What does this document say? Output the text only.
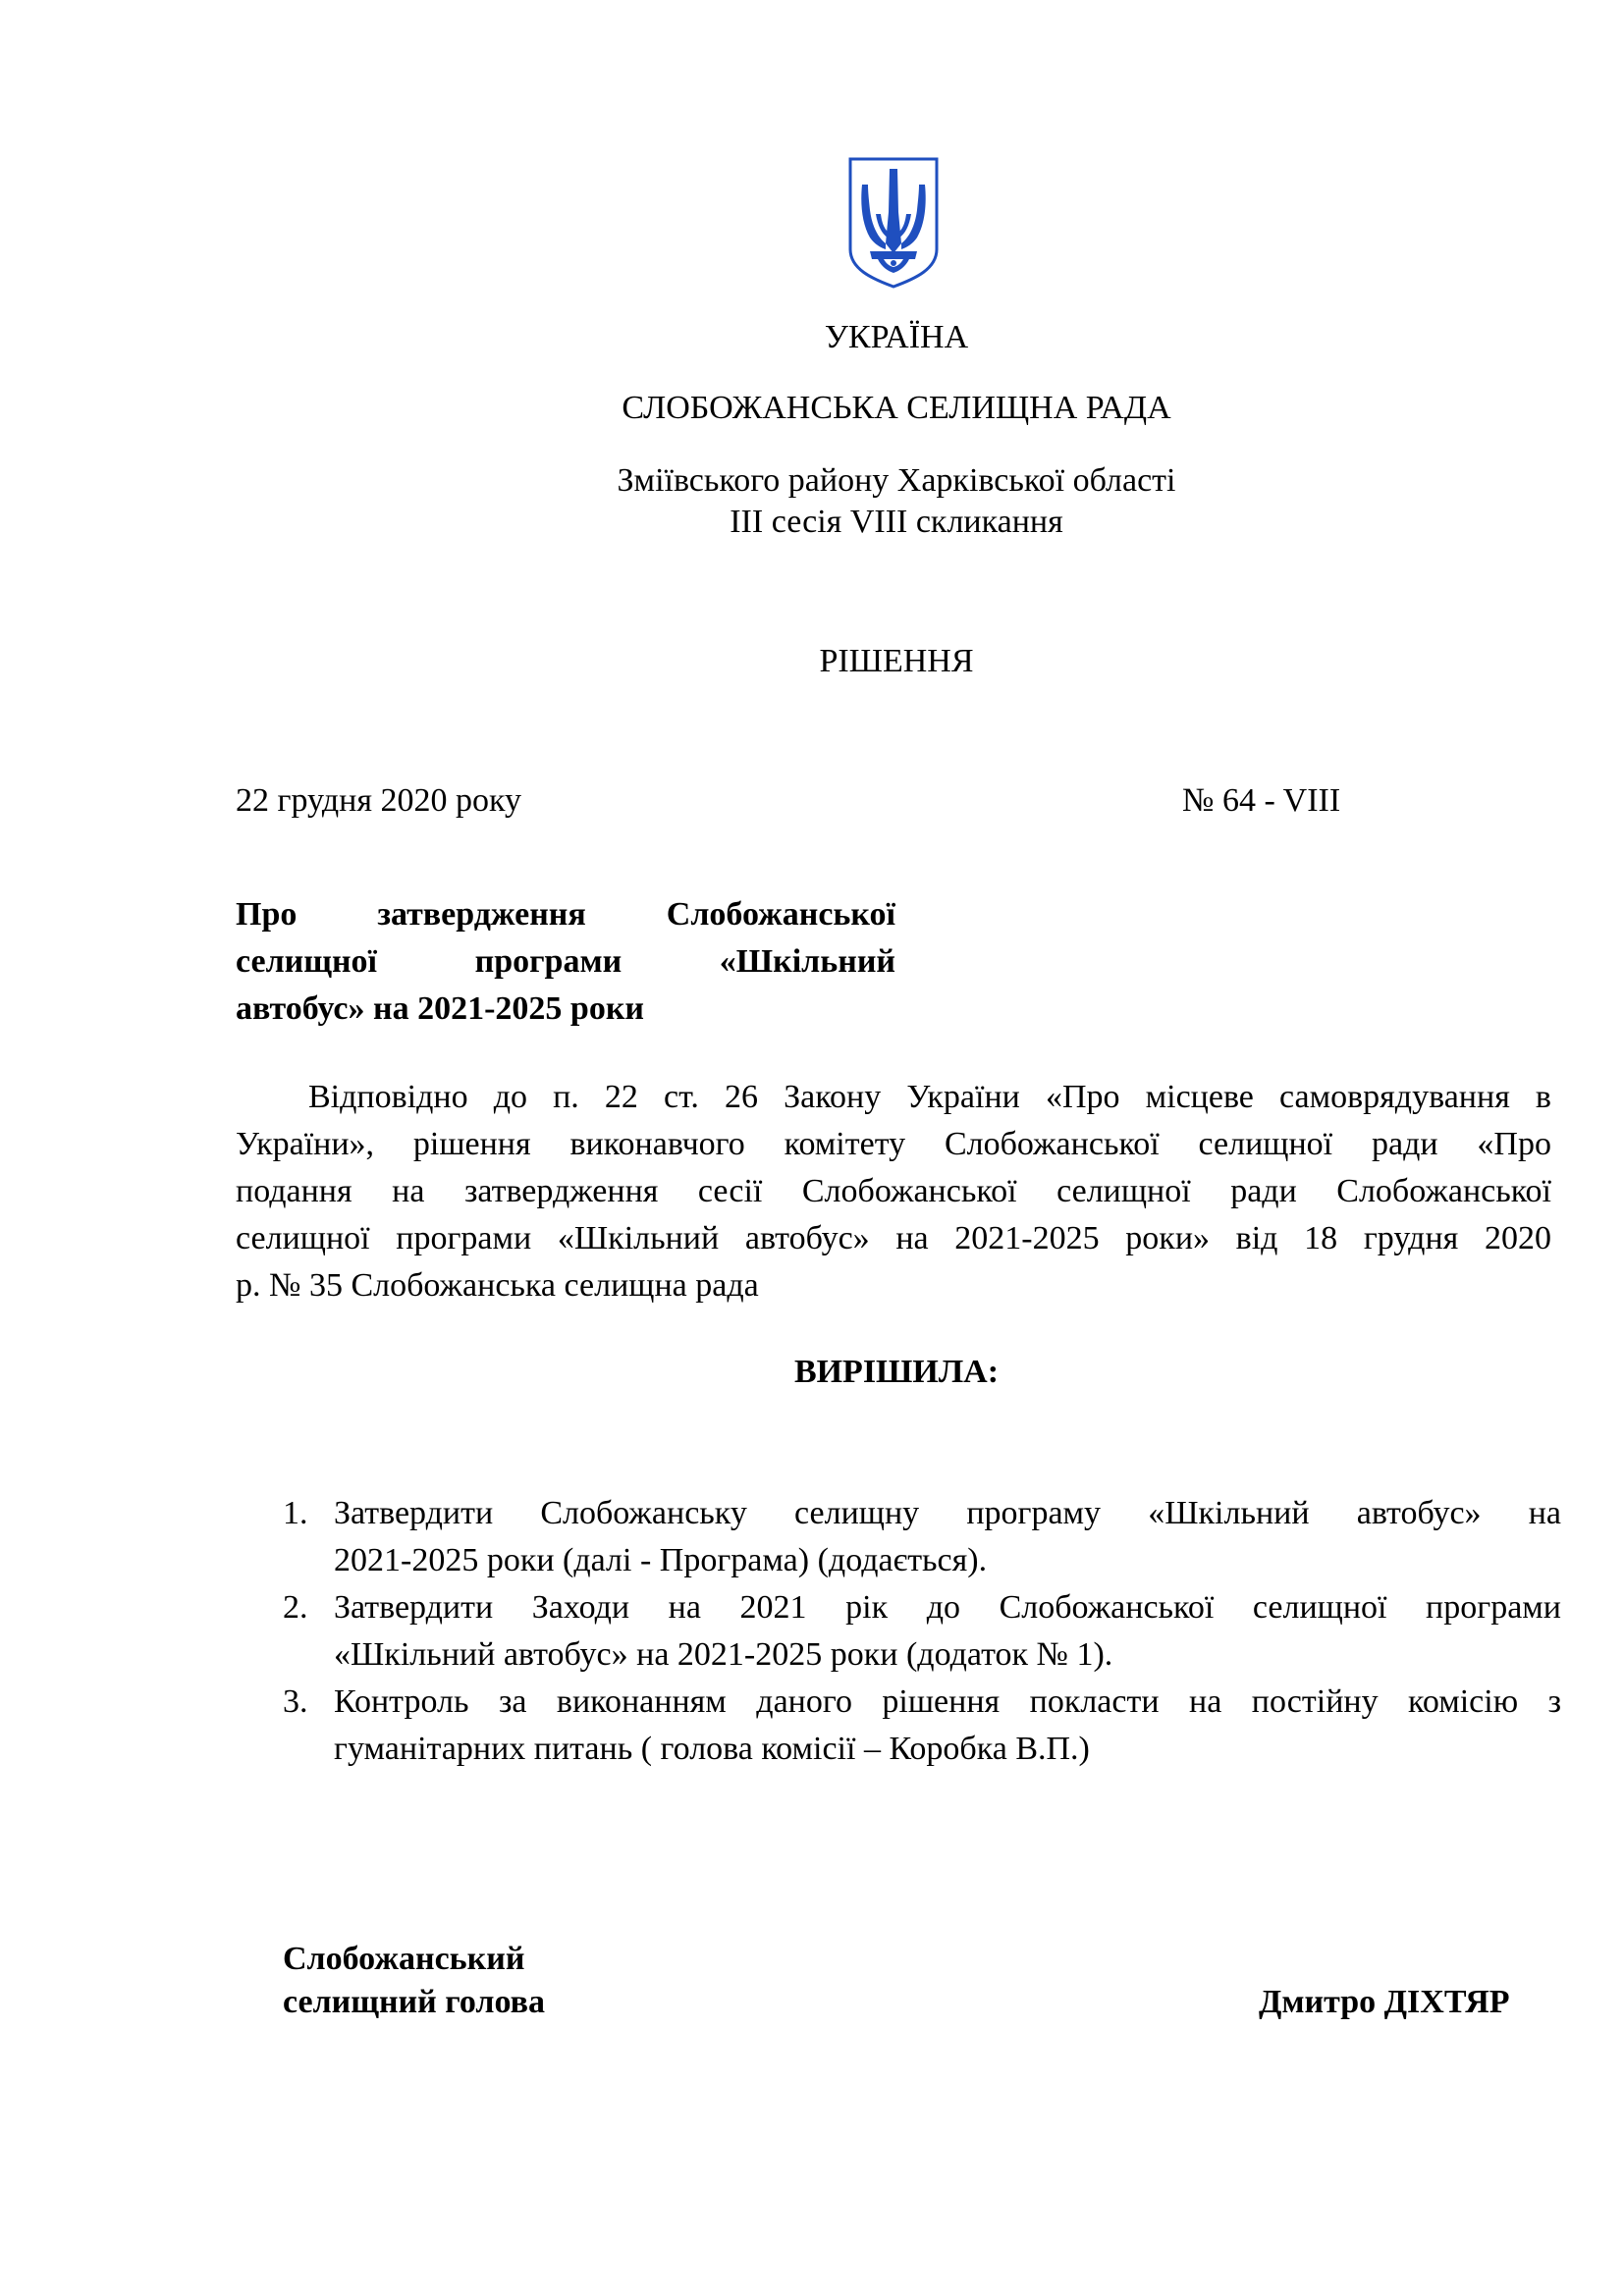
УКРАЇНА
СЛОБОЖАНСЬКА СЕЛИЩНА РАДА
Зміївського району Харківської області
ІІІ сесія VІІІ скликання
РІШЕННЯ
22 грудня 2020 року	№ 64 - VІІІ
Про затвердження Слобожанської
селищної програми «Шкільний
автобус» на 2021-2025 роки
Відповідно до п. 22 ст. 26 Закону України «Про місцеве самоврядування в
України», рішення виконавчого комітету Слобожанської селищної ради «Про
подання на затвердження сесії Слобожанської селищної ради Слобожанської
селищної програми «Шкільний автобус» на 2021-2025 роки» від 18 грудня 2020
р. № 35 Слобожанська селищна рада
ВИРІШИЛА:
1. Затвердити Слобожанську селищну програму «Шкільний автобус» на
2021-2025 роки (далі - Програма) (додається).
2. Затвердити Заходи на 2021 рік до Слобожанської селищної програми
«Шкільний автобус» на 2021-2025 роки (додаток № 1).
3. Контроль за виконанням даного рішення покласти на постійну комісію з
гуманітарних питань ( голова комісії – Коробка В.П.)
Слобожанський
селищний голова	Дмитро ДІХТЯР
